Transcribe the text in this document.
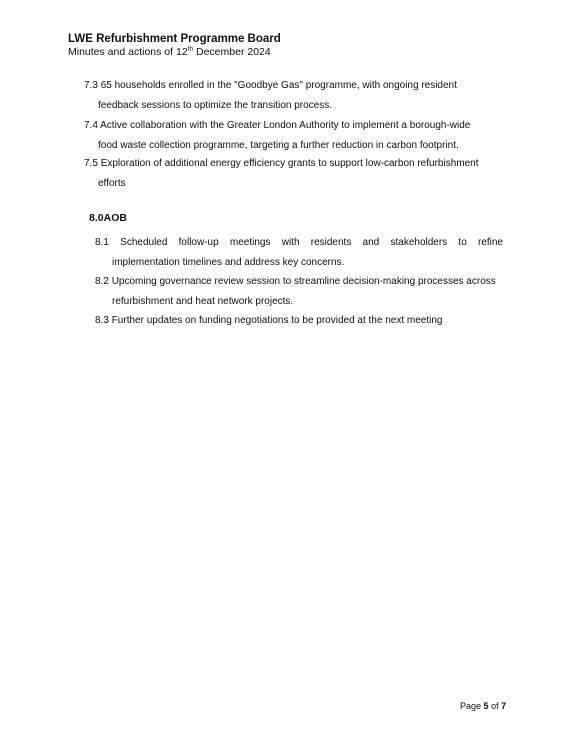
LWE Refurbishment Programme Board
Minutes and actions of 12th December 2024
7.3 65 households enrolled in the "Goodbye Gas" programme, with ongoing resident
feedback sessions to optimize the transition process.
7.4 Active collaboration with the Greater London Authority to implement a borough-wide
food waste collection programme, targeting a further reduction in carbon footprint.
7.5 Exploration of additional energy efficiency grants to support low-carbon refurbishment
efforts
8.0AOB
8.1 Scheduled follow-up meetings with residents and stakeholders to refine
implementation timelines and address key concerns.
8.2 Upcoming governance review session to streamline decision-making processes across
refurbishment and heat network projects.
8.3 Further updates on funding negotiations to be provided at the next meeting
Page 5 of 7
